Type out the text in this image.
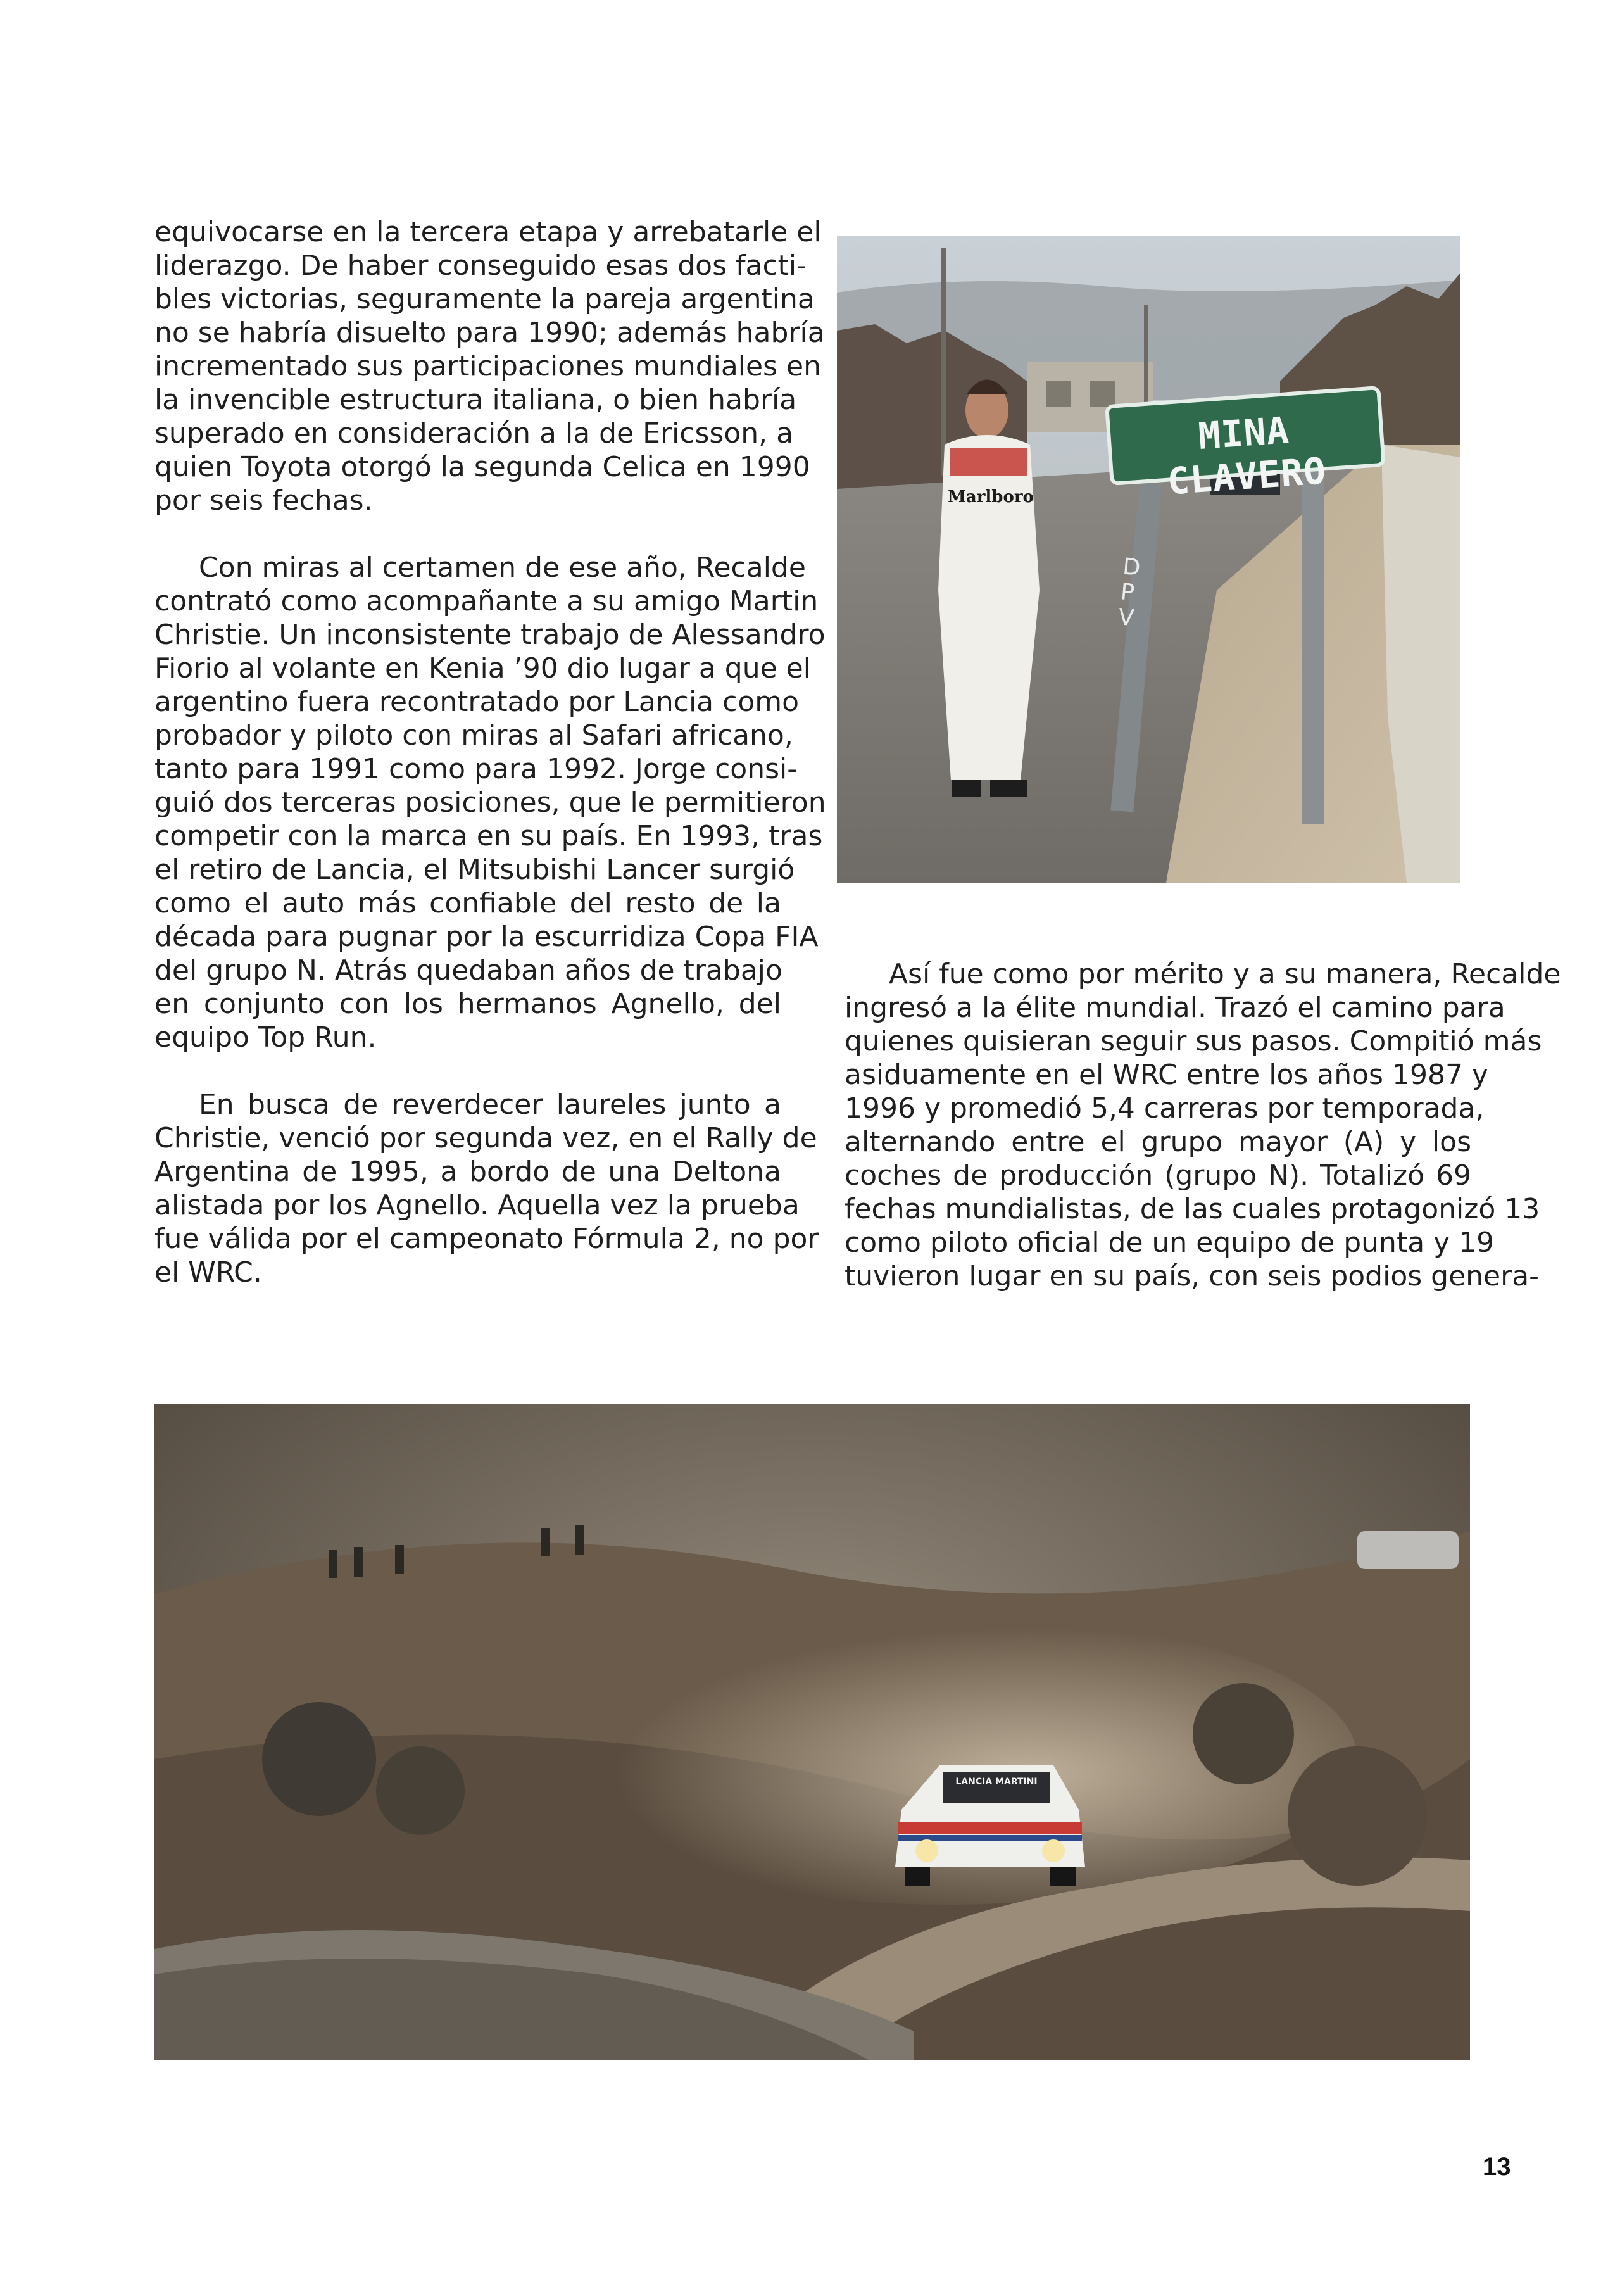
equivocarse en la tercera etapa y arrebatarle el
liderazgo. De haber conseguido esas dos facti-
bles victorias, seguramente la pareja argentina
no se habría disuelto para 1990; además habría
incrementado sus participaciones mundiales en
la invencible estructura italiana, o bien habría
superado en consideración a la de Ericsson, a
quien Toyota otorgó la segunda Celica en 1990
por seis fechas.

Con miras al certamen de ese año, Recalde
contrató como acompañante a su amigo Martin
Christie. Un inconsistente trabajo de Alessandro
Fiorio al volante en Kenia ’90 dio lugar a que el
argentino fuera recontratado por Lancia como
probador y piloto con miras al Safari africano,
tanto para 1991 como para 1992. Jorge consi-
guió dos terceras posiciones, que le permitieron
competir con la marca en su país. En 1993, tras
el retiro de Lancia, el Mitsubishi Lancer surgió
como el auto más confiable del resto de la
década para pugnar por la escurridiza Copa FIA
del grupo N. Atrás quedaban años de trabajo
en conjunto con los hermanos Agnello, del
equipo Top Run.

En busca de reverdecer laureles junto a
Christie, venció por segunda vez, en el Rally de
Argentina de 1995, a bordo de una Deltona
alistada por los Agnello. Aquella vez la prueba
fue válida por el campeonato Fórmula 2, no por
el WRC.

Así fue como por mérito y a su manera, Recalde
ingresó a la élite mundial. Trazó el camino para
quienes quisieran seguir sus pasos. Compitió más
asiduamente en el WRC entre los años 1987 y
1996 y promedió 5,4 carreras por temporada,
alternando entre el grupo mayor (A) y los
coches de producción (grupo N). Totalizó 69
fechas mundialistas, de las cuales protagonizó 13
como piloto oficial de un equipo de punta y 19
tuvieron lugar en su país, con seis podios genera-

MINA CLAVERO
DPV
Marlboro
LANCIA MARTINI
13
